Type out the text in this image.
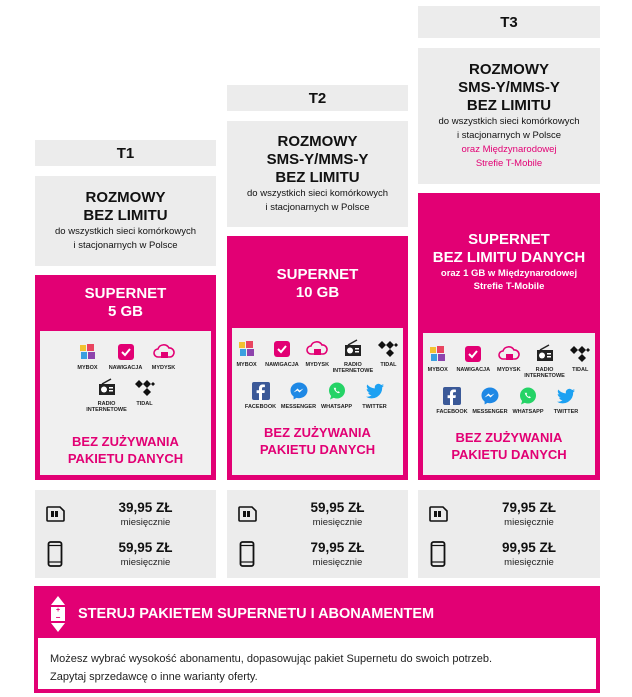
T1
ROZMOWY
BEZ LIMITU
do wszystkich sieci komórkowych
i stacjonarnych w Polsce
SUPERNET
5 GB
MYBOX NAWIGACJA MYDYSK
RADIO
INTERNETOWE
TIDAL
BEZ ZUŻYWANIA
PAKIETU DANYCH
39,95 ZŁ
miesięcznie
59,95 ZŁ
miesięcznie
T2
ROZMOWY
SMS-Y/MMS-Y
BEZ LIMITU
do wszystkich sieci komórkowych
i stacjonarnych w Polsce
SUPERNET
10 GB
MYBOX NAWIGACJA MYDYSK	RADIO
INTERNETOWE
TIDAL
FACEBOOK MESSENGER WHATSAPP TWITTER
BEZ ZUŻYWANIA
PAKIETU DANYCH
59,95 ZŁ
miesięcznie
79,95 ZŁ
miesięcznie
T3
ROZMOWY
SMS-Y/MMS-Y
BEZ LIMITU
do wszystkich sieci komórkowych
i stacjonarnych w Polsce
oraz Międzynarodowej
Strefie T-Mobile
SUPERNET
BEZ LIMITU DANYCH
oraz 1 GB w Międzynarodowej
Strefie T-Mobile
MYBOX NAWIGACJA MYDYSK	RADIO
INTERNETOWE
TIDAL
FACEBOOK MESSENGER WHATSAPP TWITTER
BEZ ZUŻYWANIA
PAKIETU DANYCH
79,95 ZŁ
miesięcznie
99,95 ZŁ
miesięcznie
+
− STERUJ PAKIETEM SUPERNETU I ABONAMENTEM
Możesz wybrać wysokość abonamentu, dopasowując pakiet Supernetu do swoich potrzeb.
Zapytaj sprzedawcę o inne warianty oferty.
